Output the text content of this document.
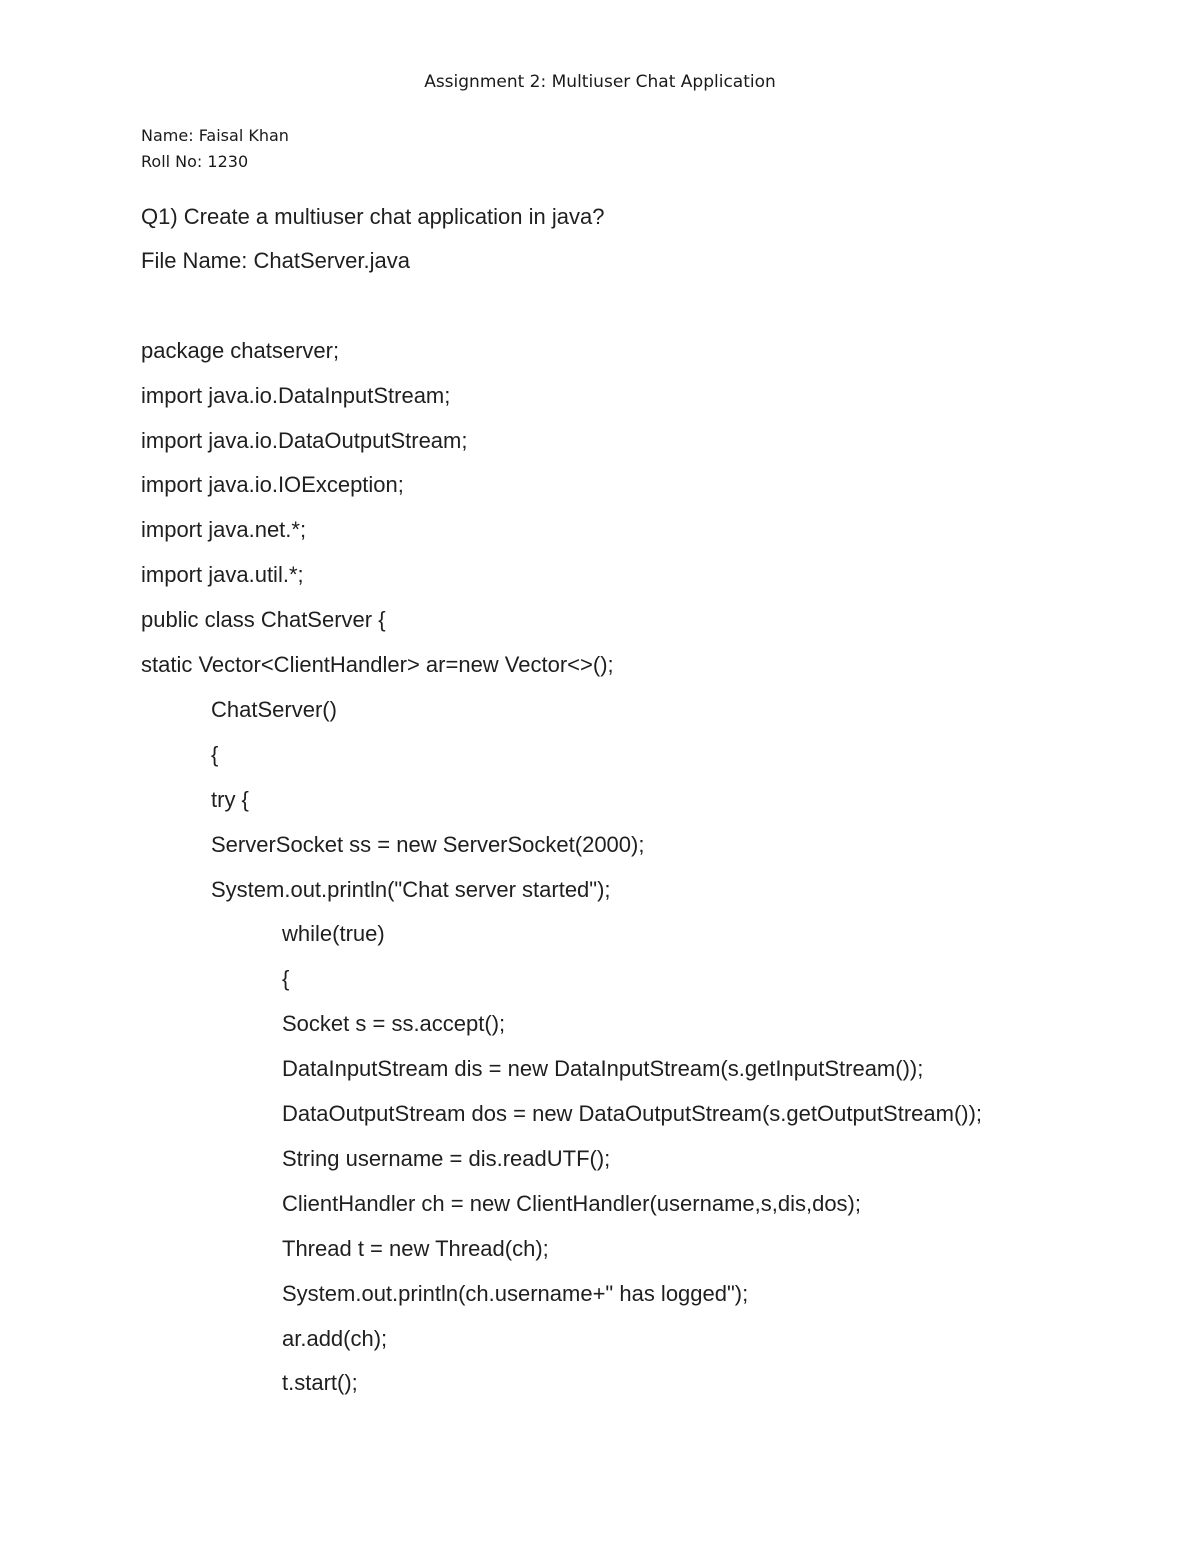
Assignment 2: Multiuser Chat Application
Name: Faisal Khan
Roll No: 1230
Q1) Create a multiuser chat application in java?
File Name: ChatServer.java
package chatserver;
import java.io.DataInputStream;
import java.io.DataOutputStream;
import java.io.IOException;
import java.net.*;
import java.util.*;
public class ChatServer {
static Vector<ClientHandler> ar=new Vector<>();
ChatServer()
{
try {
ServerSocket ss = new ServerSocket(2000);
System.out.println("Chat server started");
while(true)
{
Socket s = ss.accept();
DataInputStream dis = new DataInputStream(s.getInputStream());
DataOutputStream dos = new DataOutputStream(s.getOutputStream());
String username = dis.readUTF();
ClientHandler ch = new ClientHandler(username,s,dis,dos);
Thread t = new Thread(ch);
System.out.println(ch.username+" has logged");
ar.add(ch);
t.start();
